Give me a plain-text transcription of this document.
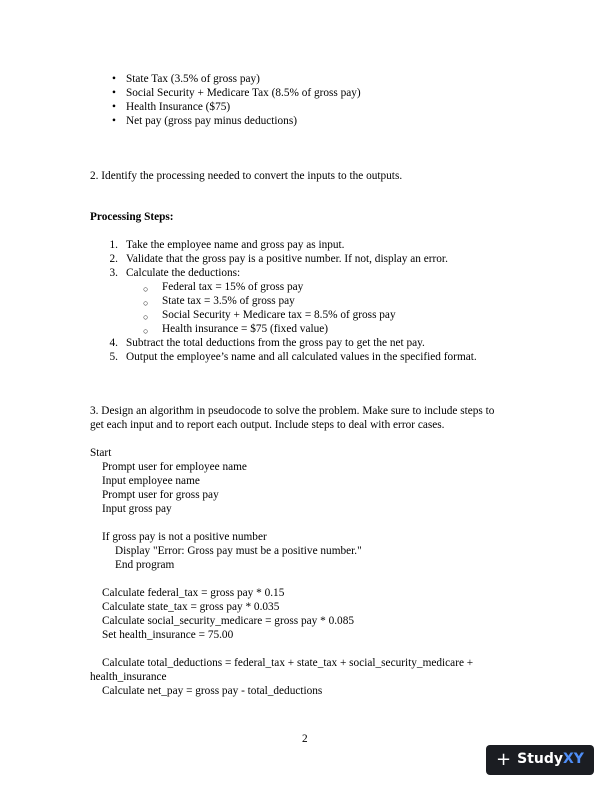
• State Tax (3.5% of gross pay)
• Social Security + Medicare Tax (8.5% of gross pay)
• Health Insurance ($75)
• Net pay (gross pay minus deductions)
2. Identify the processing needed to convert the inputs to the outputs.
Processing Steps:
1. Take the employee name and gross pay as input.
2. Validate that the gross pay is a positive number. If not, display an error.
3. Calculate the deductions:
○ Federal tax = 15% of gross pay
○ State tax = 3.5% of gross pay
○ Social Security + Medicare tax = 8.5% of gross pay
○ Health insurance = $75 (fixed value)
4. Subtract the total deductions from the gross pay to get the net pay.
5. Output the employee’s name and all calculated values in the specified format.
3. Design an algorithm in pseudocode to solve the problem. Make sure to include steps to
get each input and to report each output. Include steps to deal with error cases.
Start
Prompt user for employee name
Input employee name
Prompt user for gross pay
Input gross pay
If gross pay is not a positive number
Display "Error: Gross pay must be a positive number."
End program
Calculate federal_tax = gross pay * 0.15
Calculate state_tax = gross pay * 0.035
Calculate social_security_medicare = gross pay * 0.085
Set health_insurance = 75.00
Calculate total_deductions = federal_tax + state_tax + social_security_medicare +
health_insurance
Calculate net_pay = gross pay - total_deductions
2
+ StudyXY
